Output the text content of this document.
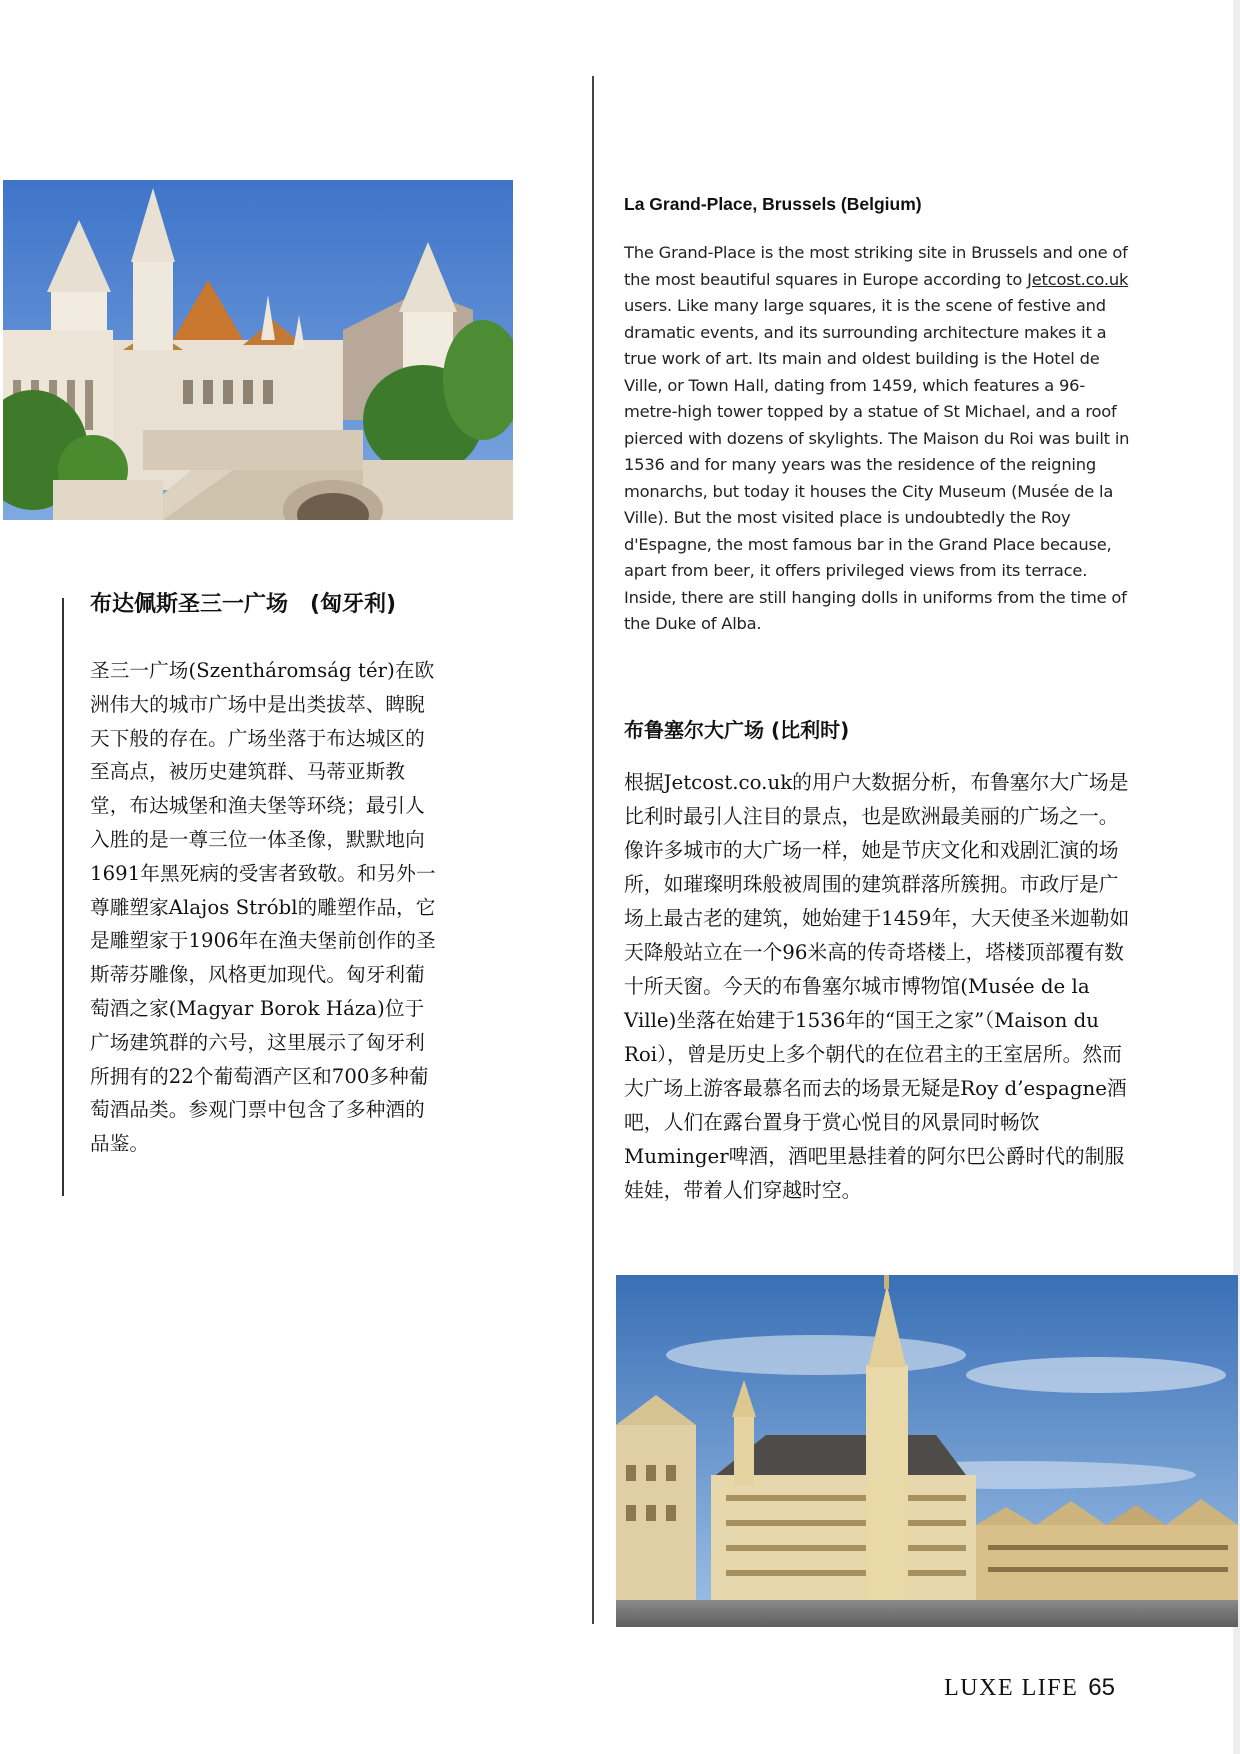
布达佩斯圣三一广场　(匈牙利)

圣三一广场(Szentháromság tér)在欧洲伟大的城市广场中是出类拔萃、睥睨天下般的存在。广场坐落于布达城区的至高点，被历史建筑群、马蒂亚斯教堂，布达城堡和渔夫堡等环绕；最引人入胜的是一尊三位一体圣像，默默地向1691年黑死病的受害者致敬。和另外一尊雕塑家Alajos Stróbl的雕塑作品，它是雕塑家于1906年在渔夫堡前创作的圣斯蒂芬雕像，风格更加现代。匈牙利葡萄酒之家(Magyar Borok Háza)位于广场建筑群的六号，这里展示了匈牙利所拥有的22个葡萄酒产区和700多种葡萄酒品类。参观门票中包含了多种酒的品鉴。

La Grand-Place, Brussels (Belgium)

The Grand-Place is the most striking site in Brussels and one of the most beautiful squares in Europe according to Jetcost.co.uk users. Like many large squares, it is the scene of festive and dramatic events, and its surrounding architecture makes it a true work of art. Its main and oldest building is the Hotel de Ville, or Town Hall, dating from 1459, which features a 96-metre-high tower topped by a statue of St Michael, and a roof pierced with dozens of skylights. The Maison du Roi was built in 1536 and for many years was the residence of the reigning monarchs, but today it houses the City Museum (Musée de la Ville). But the most visited place is undoubtedly the Roy d'Espagne, the most famous bar in the Grand Place because, apart from beer, it offers privileged views from its terrace. Inside, there are still hanging dolls in uniforms from the time of the Duke of Alba.

布鲁塞尔大广场 (比利时)

根据Jetcost.co.uk的用户大数据分析，布鲁塞尔大广场是比利时最引人注目的景点，也是欧洲最美丽的广场之一。像许多城市的大广场一样，她是节庆文化和戏剧汇演的场所，如璀璨明珠般被周围的建筑群落所簇拥。市政厅是广场上最古老的建筑，她始建于1459年，大天使圣米迦勒如天降般站立在一个96米高的传奇塔楼上，塔楼顶部覆有数十所天窗。今天的布鲁塞尔城市博物馆(Musée de la Ville)坐落在始建于1536年的“国王之家”（Maison du Roi），曾是历史上多个朝代的在位君主的王室居所。然而大广场上游客最慕名而去的场景无疑是Roy d’espagne酒吧，人们在露台置身于赏心悦目的风景同时畅饮Muminger啤酒，酒吧里悬挂着的阿尔巴公爵时代的制服娃娃，带着人们穿越时空。

LUXE LIFE 65
